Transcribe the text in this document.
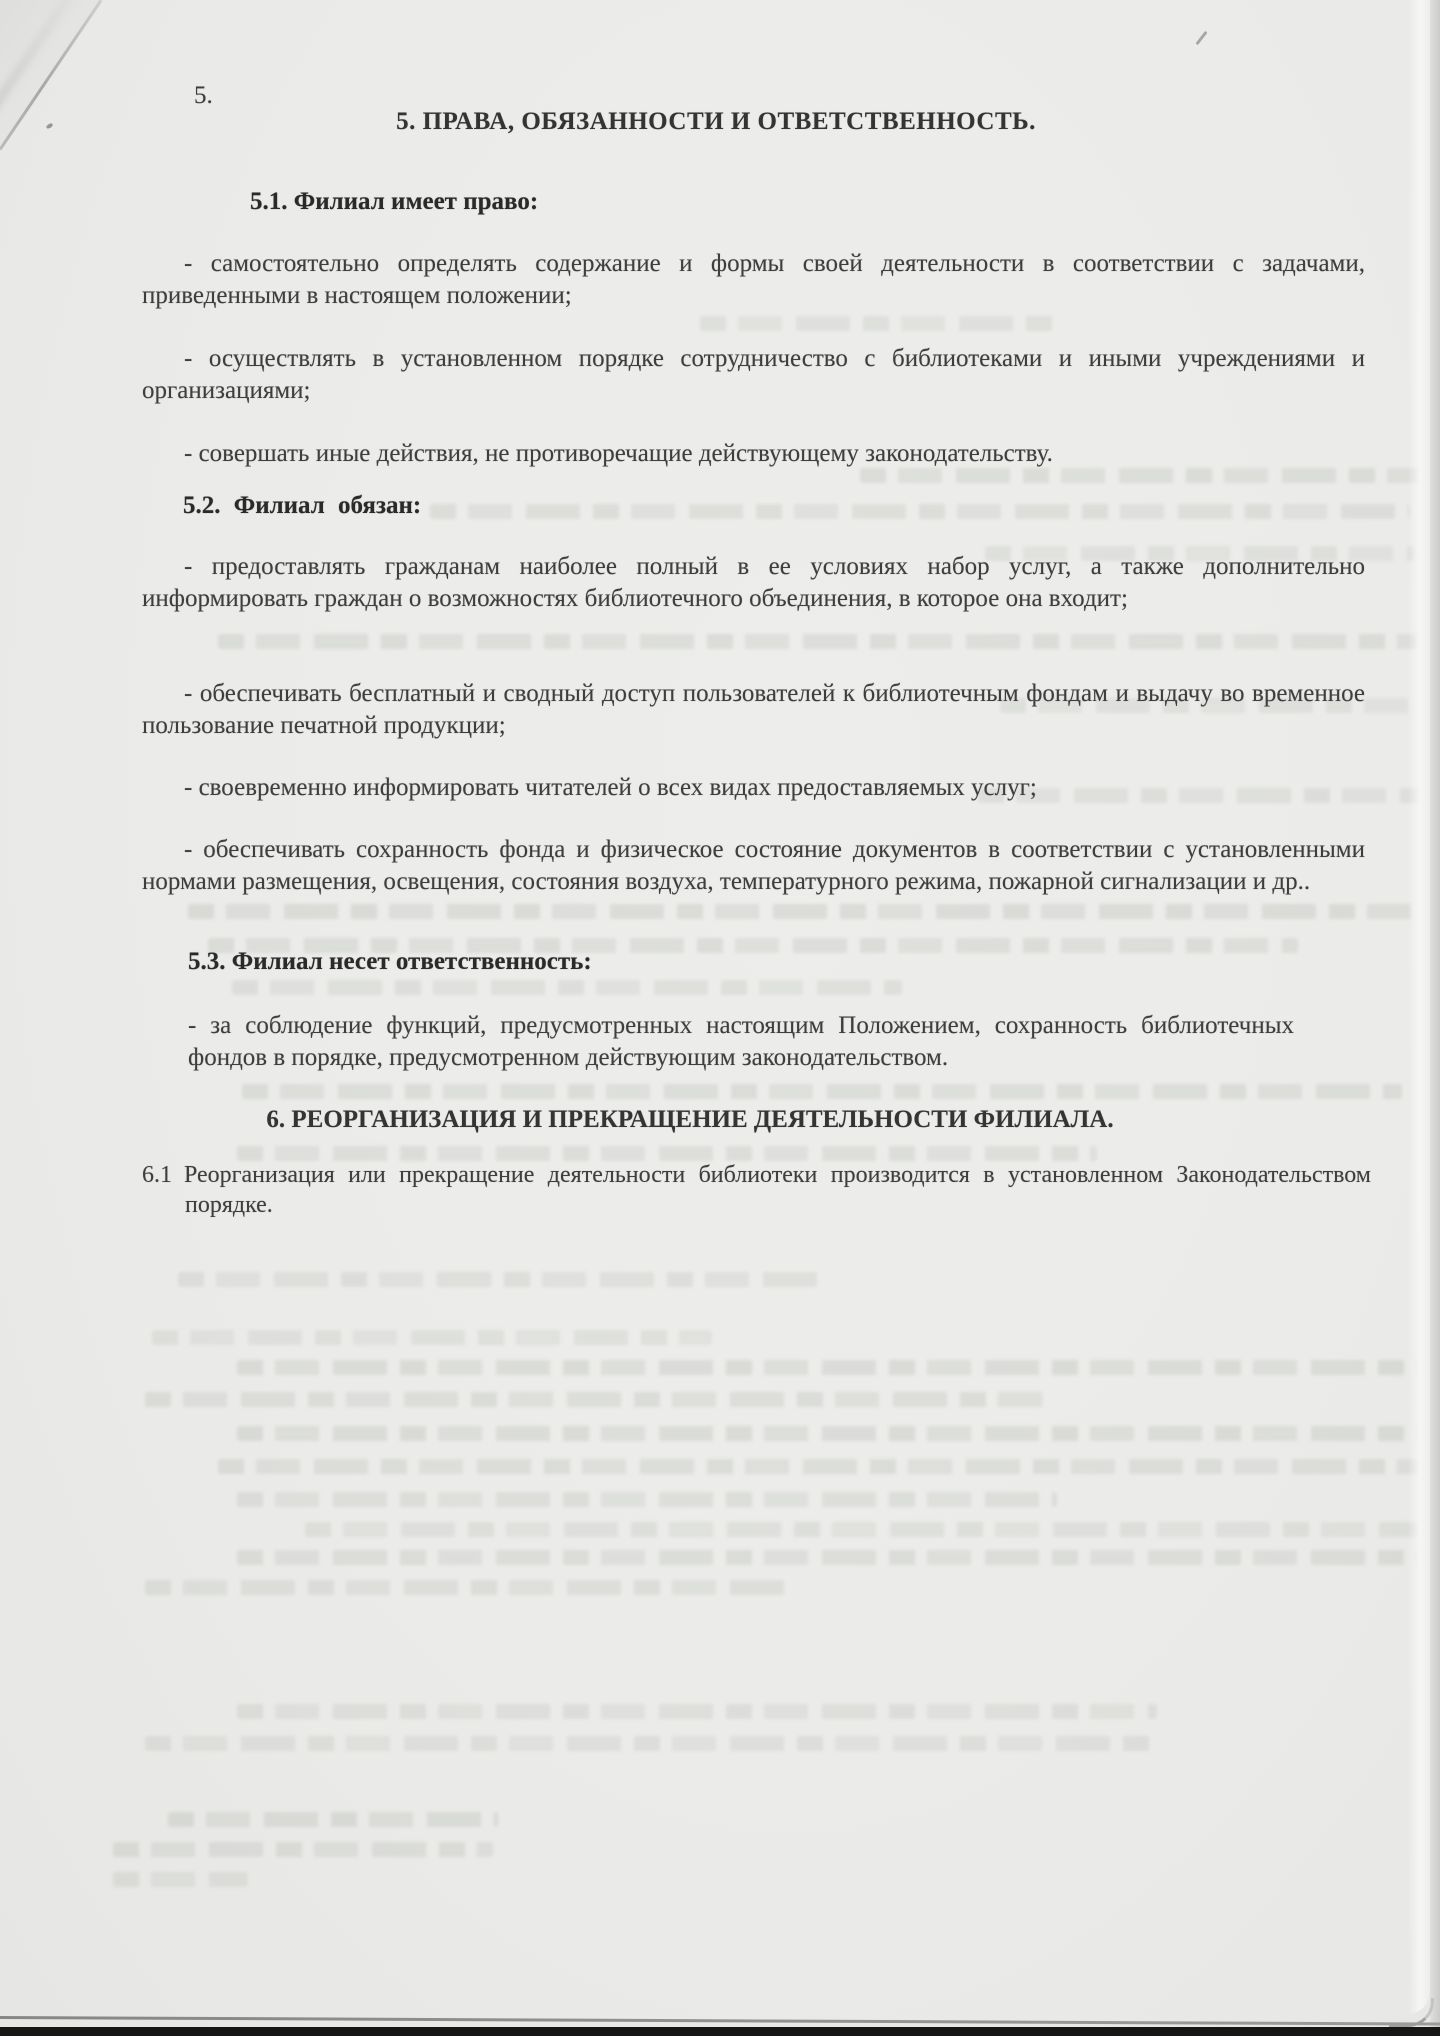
5.

5. ПРАВА, ОБЯЗАННОСТИ И ОТВЕТСТВЕННОСТЬ.
5.1. Филиал имеет право:

- самостоятельно определять содержание и формы своей деятельности в соответствии с задачами, приведенными в настоящем положении;

- осуществлять в установленном порядке сотрудничество с библиотеками и иными учреждениями и организациями;

- совершать иные действия, не противоречащие действующему законодательству.

5.2. Филиал обязан:

- предоставлять гражданам наиболее полный в ее условиях набор услуг, а также дополнительно информировать граждан о возможностях библиотечного объединения, в которое она входит;

- обеспечивать бесплатный и сводный доступ пользователей к библиотечным фондам и выдачу во временное пользование печатной продукции;

- своевременно информировать читателей о всех видах предоставляемых услуг;

- обеспечивать сохранность фонда и физическое состояние документов в соответствии с установленными нормами размещения, освещения, состояния воздуха, температурного режима, пожарной сигнализации и др..

5.3. Филиал несет ответственность:

- за соблюдение функций, предусмотренных настоящим Положением, сохранность библиотечных фондов в порядке, предусмотренном действующим законодательством.

6. РЕОРГАНИЗАЦИЯ И ПРЕКРАЩЕНИЕ ДЕЯТЕЛЬНОСТИ ФИЛИАЛА.

6.1 Реорганизация или прекращение деятельности библиотеки производится в установленном Законодательством порядке.
